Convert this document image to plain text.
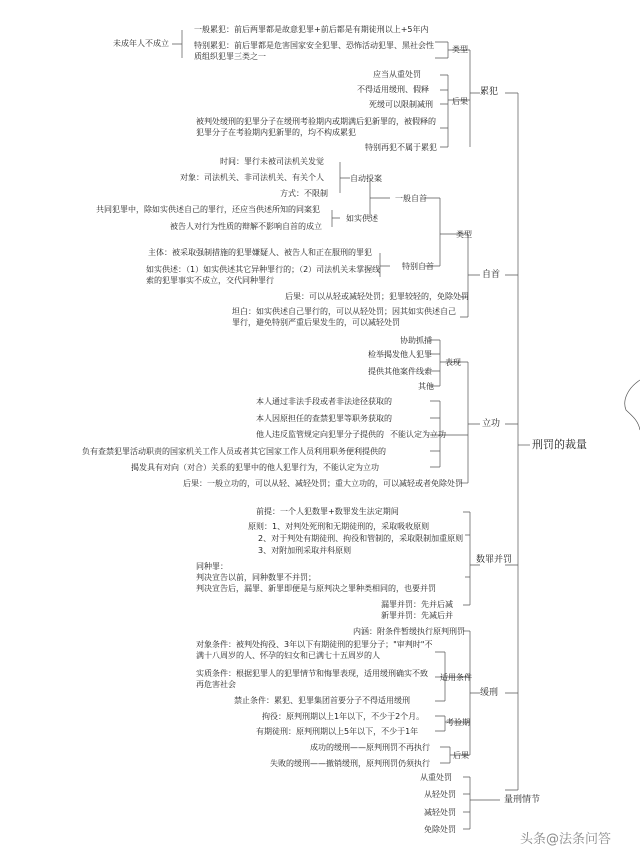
刑罚的裁量
累犯
类型
未成年人不成立
一般累犯：前后两罪都是故意犯罪+前后都是有期徒刑以上+5年内
特别累犯：前后罪都是危害国家安全犯罪、恐怖活动犯罪、黑社会性质组织犯罪三类之一
后果
应当从重处罚
不得适用缓刑、假释
死缓可以限制减刑
被判处缓刑的犯罪分子在缓刑考验期内或期满后犯新罪的，被假释的犯罪分子在考验期内犯新罪的，均不构成累犯
特别再犯不属于累犯
自首
类型
一般自首
自动投案
时间：罪行未被司法机关发觉
对象：司法机关、非司法机关、有关个人
方式：不限制
如实供述
共同犯罪中，除如实供述自己的罪行，还应当供述所知的同案犯
被告人对行为性质的辩解不影响自首的成立
特别自首
主体：被采取强制措施的犯罪嫌疑人、被告人和正在服刑的罪犯
如实供述：（1）如实供述其它异种罪行的；（2）司法机关未掌握线索的犯罪事实不成立，交代同种罪行
后果：可以从轻或减轻处罚；犯罪较轻的，免除处罚
坦白：如实供述自己罪行的，可以从轻处罚；因其如实供述自己罪行，避免特别严重后果发生的，可以减轻处罚
立功
表现
协助抓捕
检举揭发他人犯罪
提供其他案件线索
其他
不能认定为立功
本人通过非法手段或者非法途径获取的
本人因原担任的查禁犯罪等职务获取的
他人违反监管规定向犯罪分子提供的
负有查禁犯罪活动职责的国家机关工作人员或者其它国家工作人员利用职务便利提供的
揭发具有对向（对合）关系的犯罪中的他人犯罪行为，不能认定为立功
后果：一般立功的，可以从轻、减轻处罚；重大立功的，可以减轻或者免除处罚
数罪并罚
前提：一个人犯数罪+数罪发生法定期间
原则：1、对判处死刑和无期徒刑的，采取吸收原则
2、对于判处有期徒刑、拘役和管制的，采取限制加重原则
3、对附加刑采取并科原则
同种罪：
判决宣告以前，同种数罪不并罚；
判决宣告后，漏罪、新罪即便是与原判决之罪种类相同的，也要并罚
漏罪并罚：先并后减
新罪并罚：先减后并
缓刑
内涵：附条件暂缓执行原判刑罚
适用条件
对象条件：被判处拘役、3年以下有期徒刑的犯罪分子；"审判时"不满十八周岁的人、怀孕的妇女和已满七十五周岁的人
实质条件：根据犯罪人的犯罪情节和悔罪表现，适用缓刑确实不致再危害社会
禁止条件：累犯、犯罪集团首要分子不得适用缓刑
考验期
拘役：原判刑期以上1年以下，不少于2个月。
有期徒刑：原判刑期以上5年以下，不少于1年
后果
成功的缓刑——原判刑罚不再执行
失败的缓刑——撤销缓刑，原判刑罚仍须执行
量刑情节
从重处罚
从轻处罚
减轻处罚
免除处罚
头条@法条问答
